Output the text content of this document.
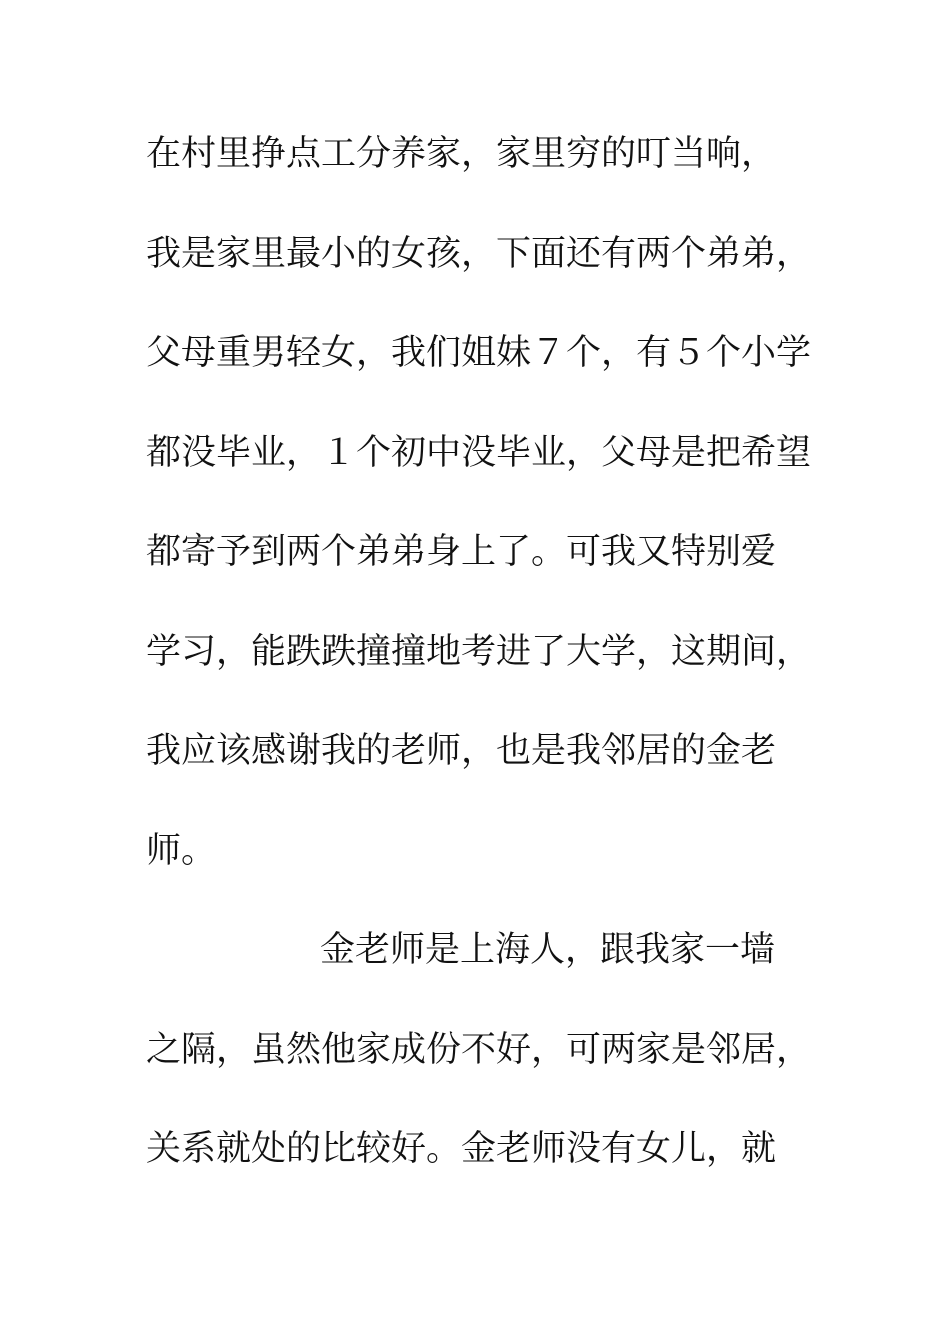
在村里挣点工分养家，家里穷的叮当响，
我是家里最小的女孩，下面还有两个弟弟，
父母重男轻女，我们姐妹７个，有５个小学
都没毕业，１个初中没毕业，父母是把希望
都寄予到两个弟弟身上了。可我又特别爱
学习，能跌跌撞撞地考进了大学，这期间，
我应该感谢我的老师，也是我邻居的金老
师。
金老师是上海人，跟我家一墙
之隔，虽然他家成份不好，可两家是邻居，
关系就处的比较好。金老师没有女儿，就
